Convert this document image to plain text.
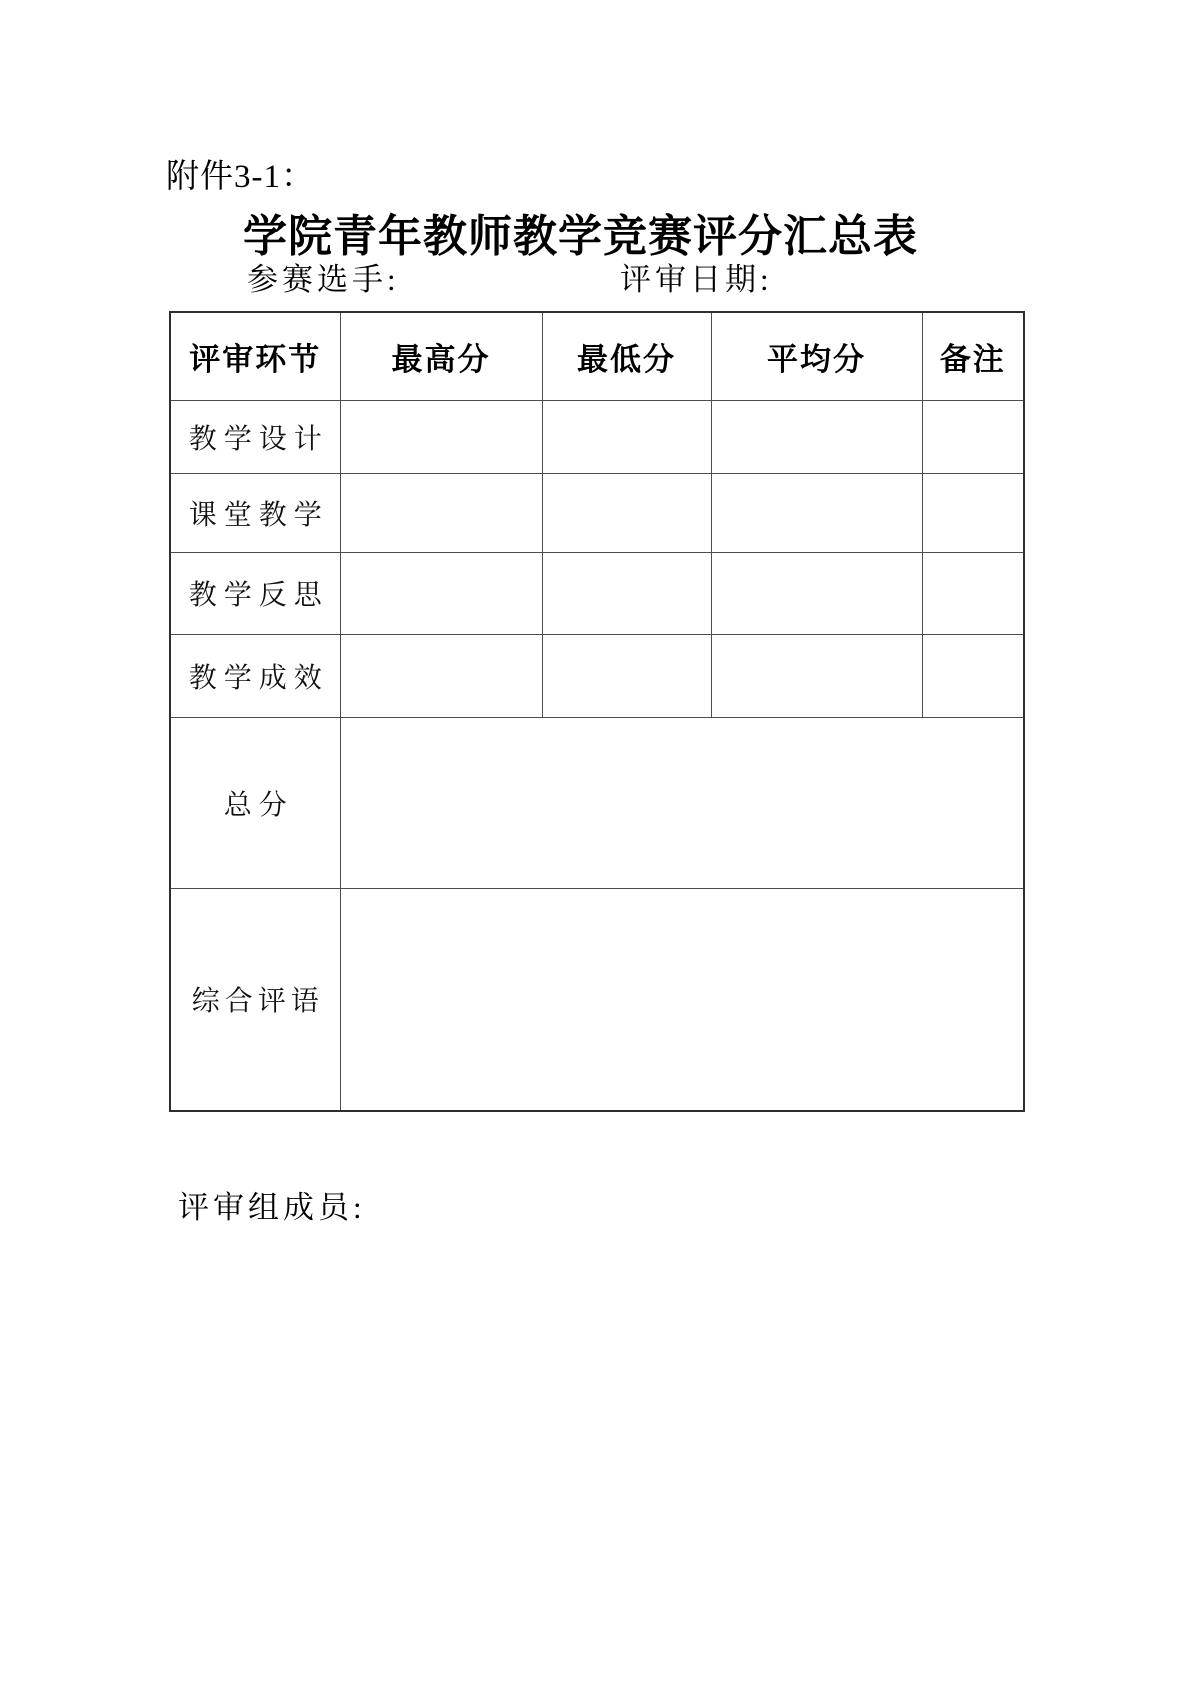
附件3-1：
学院青年教师教学竞赛评分汇总表
参赛选手:	评审日期:
评审环节	最高分	最低分	平均分	备注
教学设计				
课堂教学				
教学反思				
教学成效				
总分				
综合评语				
评审组成员:
